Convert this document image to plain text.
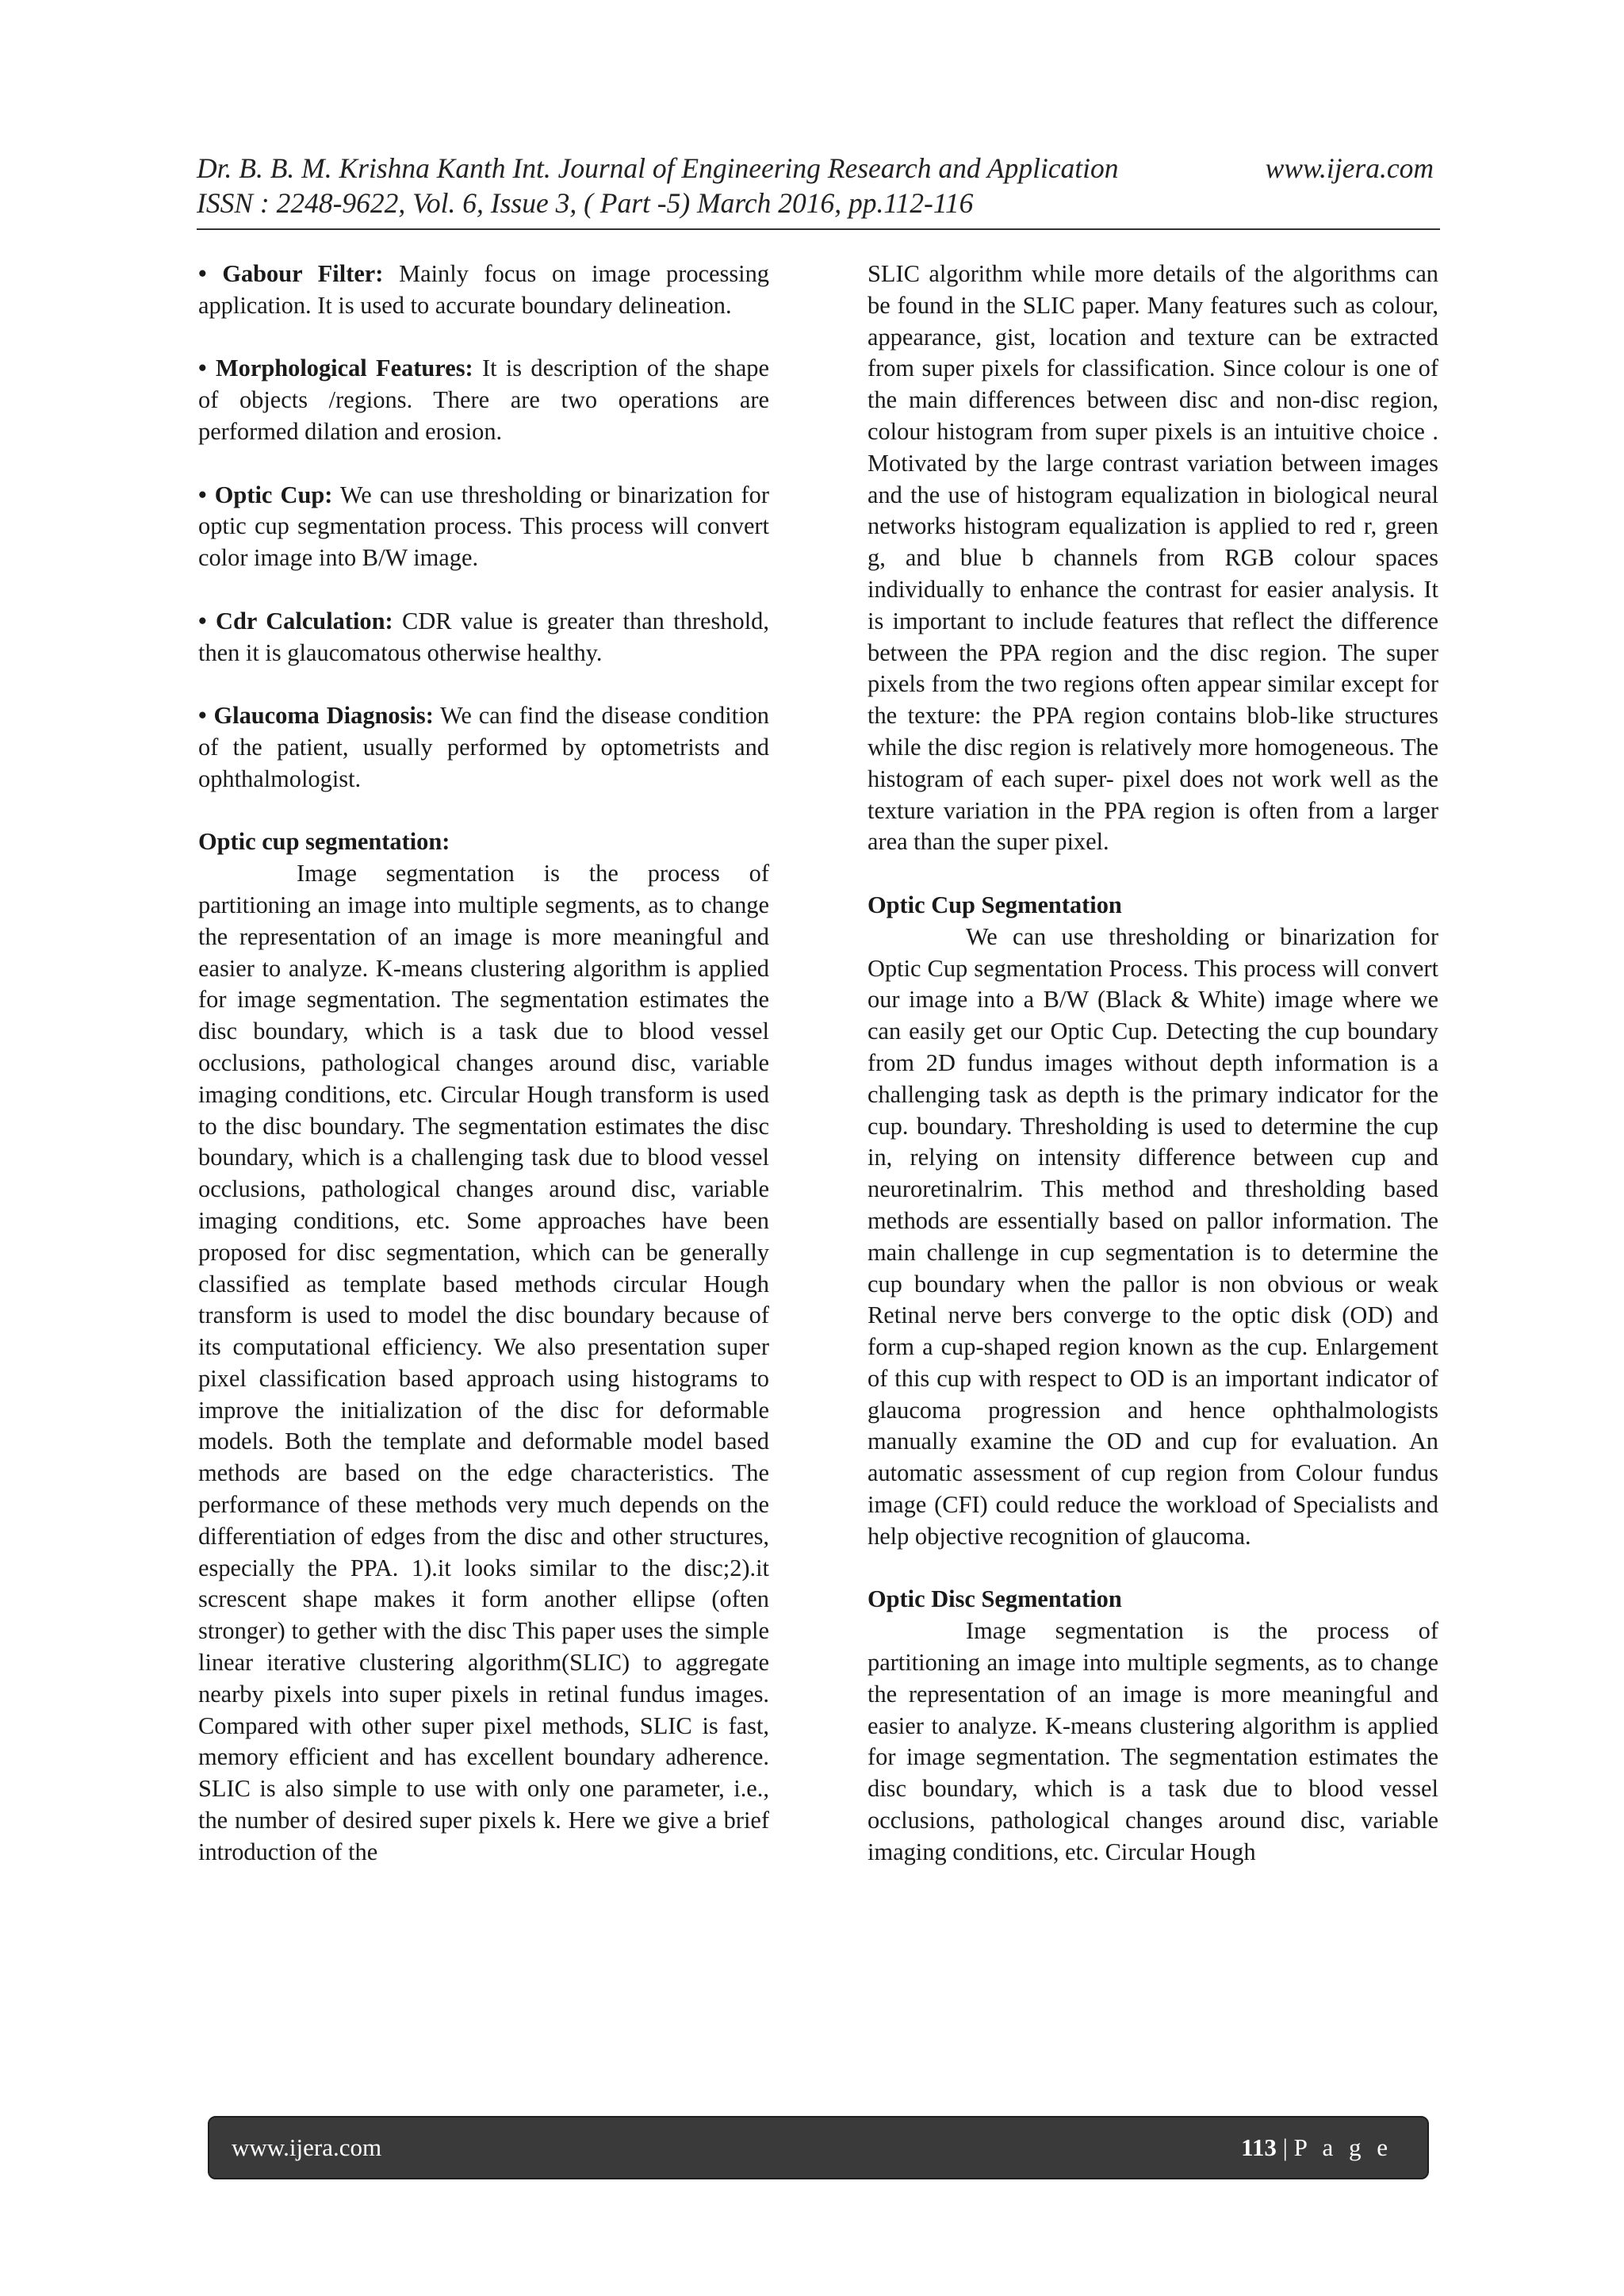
Dr. B. B. M. Krishna Kanth Int. Journal of Engineering Research and Application	www.ijera.com
ISSN : 2248-9622, Vol. 6, Issue 3, ( Part -5) March 2016, pp.112-116

• Gabour Filter: Mainly focus on image processing application. It is used to accurate boundary delineation.

• Morphological Features: It is description of the shape of objects /regions. There are two operations are performed dilation and erosion.

• Optic Cup: We can use thresholding or binarization for optic cup segmentation process. This process will convert color image into B/W image.

• Cdr Calculation: CDR value is greater than threshold, then it is glaucomatous otherwise healthy.

• Glaucoma Diagnosis: We can find the disease condition of the patient, usually performed by optometrists and ophthalmologist.

Optic cup segmentation:

Image segmentation is the process of partitioning an image into multiple segments, as to change the representation of an image is more meaningful and easier to analyze. K-means clustering algorithm is applied for image segmentation. The segmentation estimates the disc boundary, which is a task due to blood vessel occlusions, pathological changes around disc, variable imaging conditions, etc. Circular Hough transform is used to the disc boundary. The segmentation estimates the disc boundary, which is a challenging task due to blood vessel occlusions, pathological changes around disc, variable imaging conditions, etc. Some approaches have been proposed for disc segmentation, which can be generally classified as template based methods circular Hough transform is used to model the disc boundary because of its computational efficiency. We also presentation super pixel classification based approach using histograms to improve the initialization of the disc for deformable models. Both the template and deformable model based methods are based on the edge characteristics. The performance of these methods very much depends on the differentiation of edges from the disc and other structures, especially the PPA. 1).it looks similar to the disc;2).it screscent shape makes it form another ellipse (often stronger) to gether with the disc This paper uses the simple linear iterative clustering algorithm(SLIC) to aggregate nearby pixels into super pixels in retinal fundus images. Compared with other super pixel methods, SLIC is fast, memory efficient and has excellent boundary adherence. SLIC is also simple to use with only one parameter, i.e., the number of desired super pixels k. Here we give a brief introduction of the

SLIC algorithm while more details of the algorithms can be found in the SLIC paper. Many features such as colour, appearance, gist, location and texture can be extracted from super pixels for classification. Since colour is one of the main differences between disc and non-disc region, colour histogram from super pixels is an intuitive choice . Motivated by the large contrast variation between images and the use of histogram equalization in biological neural networks histogram equalization is applied to red r, green g, and blue b channels from RGB colour spaces individually to enhance the contrast for easier analysis. It is important to include features that reflect the difference between the PPA region and the disc region. The super pixels from the two regions often appear similar except for the texture: the PPA region contains blob-like structures while the disc region is relatively more homogeneous. The histogram of each super- pixel does not work well as the texture variation in the PPA region is often from a larger area than the super pixel.

Optic Cup Segmentation

We can use thresholding or binarization for Optic Cup segmentation Process. This process will convert our image into a B/W (Black & White) image where we can easily get our Optic Cup. Detecting the cup boundary from 2D fundus images without depth information is a challenging task as depth is the primary indicator for the cup. boundary. Thresholding is used to determine the cup in, relying on intensity difference between cup and neuroretinalrim. This method and thresholding based methods are essentially based on pallor information. The main challenge in cup segmentation is to determine the cup boundary when the pallor is non obvious or weak Retinal nerve bers converge to the optic disk (OD) and form a cup-shaped region known as the cup. Enlargement of this cup with respect to OD is an important indicator of glaucoma progression and hence ophthalmologists manually examine the OD and cup for evaluation. An automatic assessment of cup region from Colour fundus image (CFI) could reduce the workload of Specialists and help objective recognition of glaucoma.

Optic Disc Segmentation

Image segmentation is the process of partitioning an image into multiple segments, as to change the representation of an image is more meaningful and easier to analyze. K-means clustering algorithm is applied for image segmentation. The segmentation estimates the disc boundary, which is a task due to blood vessel occlusions, pathological changes around disc, variable imaging conditions, etc. Circular Hough

www.ijera.com	113 | P a g e
